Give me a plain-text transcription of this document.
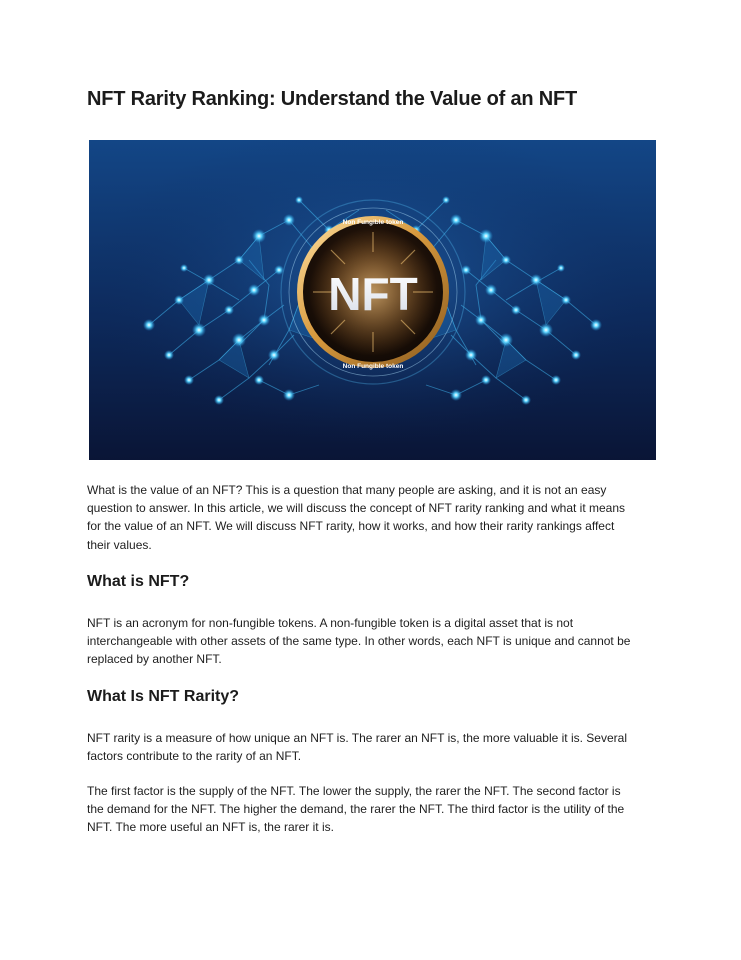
NFT Rarity Ranking: Understand the Value of an NFT
NFT
Non Fungible token
Non Fungible token

What is the value of an NFT? This is a question that many people are asking, and it is not an easy question to answer. In this article, we will discuss the concept of NFT rarity ranking and what it means for the value of an NFT. We will discuss NFT rarity, how it works, and how their rarity rankings affect their values.

What is NFT?

NFT is an acronym for non-fungible tokens. A non-fungible token is a digital asset that is not interchangeable with other assets of the same type. In other words, each NFT is unique and cannot be replaced by another NFT.

What Is NFT Rarity?

NFT rarity is a measure of how unique an NFT is. The rarer an NFT is, the more valuable it is. Several factors contribute to the rarity of an NFT.

The first factor is the supply of the NFT. The lower the supply, the rarer the NFT. The second factor is the demand for the NFT. The higher the demand, the rarer the NFT. The third factor is the utility of the NFT. The more useful an NFT is, the rarer it is.
